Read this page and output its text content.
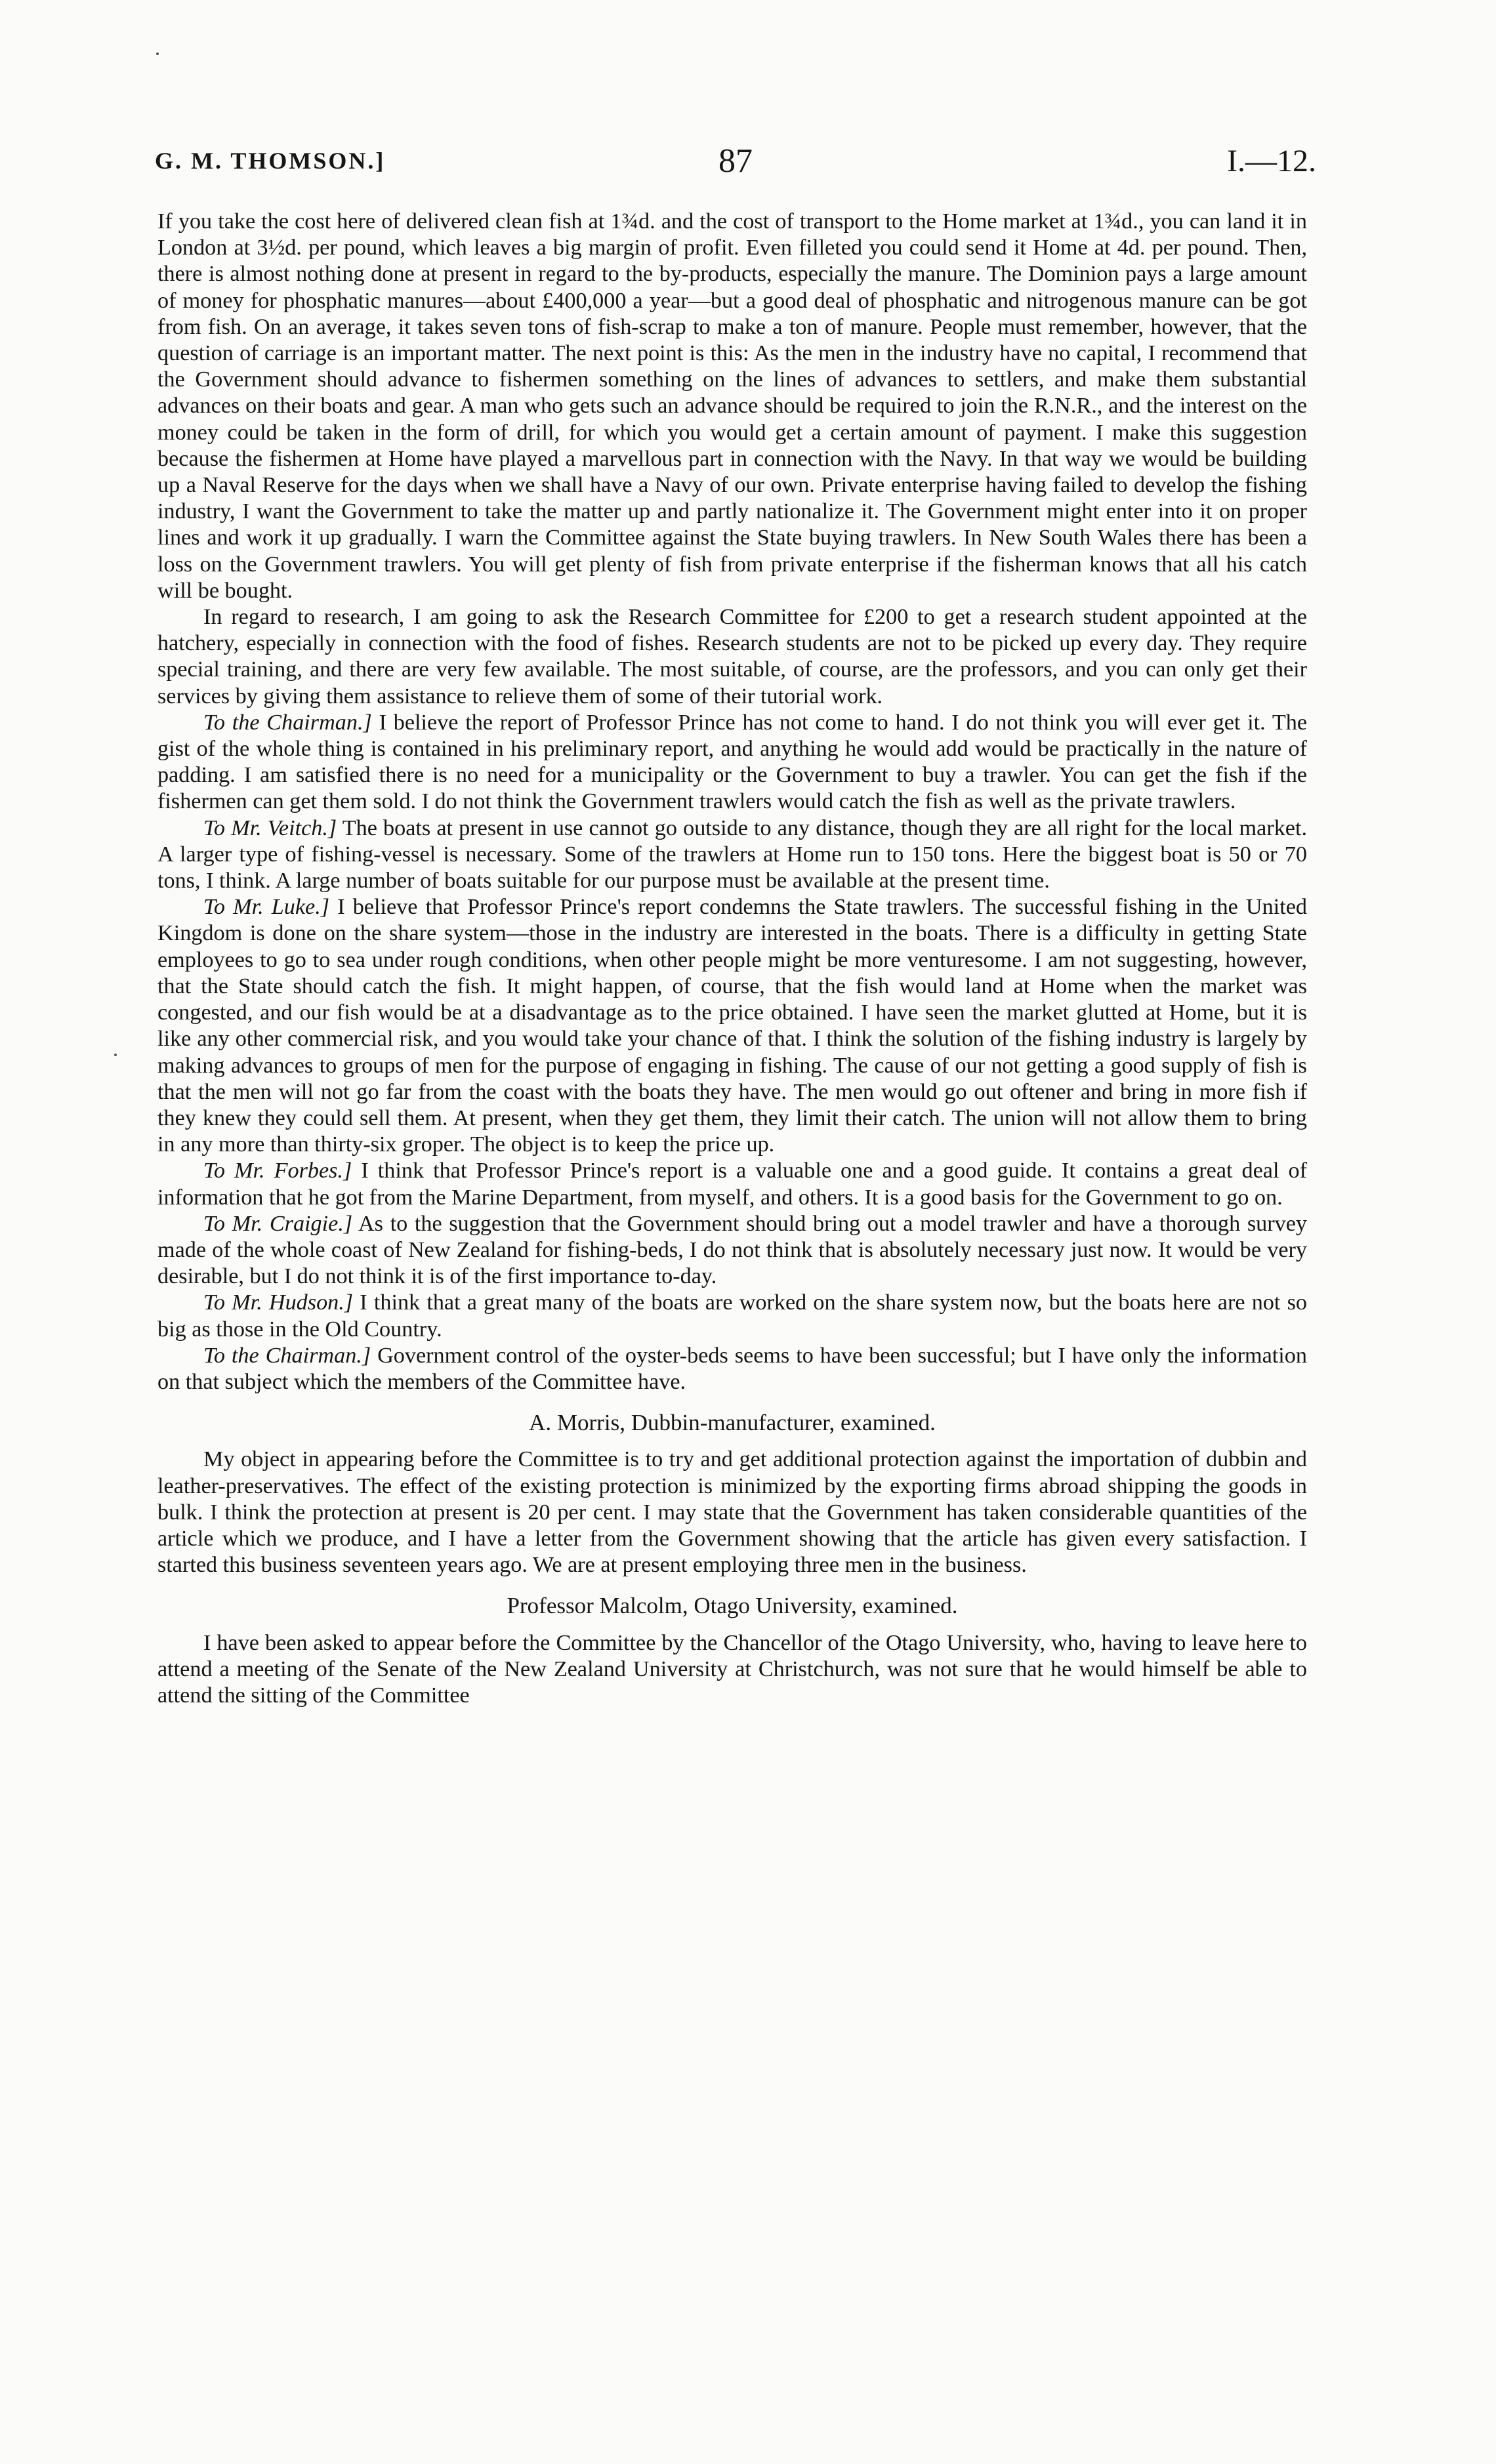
G. M. THOMSON.]	87	I.—12.

If you take the cost here of delivered clean fish at 1¾d. and the cost of transport to the Home market at 1¾d., you can land it in London at 3½d. per pound, which leaves a big margin of profit. Even filleted you could send it Home at 4d. per pound. Then, there is almost nothing done at present in regard to the by-products, especially the manure. The Dominion pays a large amount of money for phosphatic manures—about £400,000 a year—but a good deal of phosphatic and nitrogenous manure can be got from fish. On an average, it takes seven tons of fish-scrap to make a ton of manure. People must remember, however, that the question of carriage is an important matter. The next point is this: As the men in the industry have no capital, I recommend that the Government should advance to fishermen something on the lines of advances to settlers, and make them substantial advances on their boats and gear. A man who gets such an advance should be required to join the R.N.R., and the interest on the money could be taken in the form of drill, for which you would get a certain amount of payment. I make this suggestion because the fishermen at Home have played a marvellous part in connection with the Navy. In that way we would be building up a Naval Reserve for the days when we shall have a Navy of our own. Private enterprise having failed to develop the fishing industry, I want the Government to take the matter up and partly nationalize it. The Government might enter into it on proper lines and work it up gradually. I warn the Committee against the State buying trawlers. In New South Wales there has been a loss on the Government trawlers. You will get plenty of fish from private enterprise if the fisherman knows that all his catch will be bought.

In regard to research, I am going to ask the Research Committee for £200 to get a research student appointed at the hatchery, especially in connection with the food of fishes. Research students are not to be picked up every day. They require special training, and there are very few available. The most suitable, of course, are the professors, and you can only get their services by giving them assistance to relieve them of some of their tutorial work.

To the Chairman.] I believe the report of Professor Prince has not come to hand. I do not think you will ever get it. The gist of the whole thing is contained in his preliminary report, and anything he would add would be practically in the nature of padding. I am satisfied there is no need for a municipality or the Government to buy a trawler. You can get the fish if the fishermen can get them sold. I do not think the Government trawlers would catch the fish as well as the private trawlers.

To Mr. Veitch.] The boats at present in use cannot go outside to any distance, though they are all right for the local market. A larger type of fishing-vessel is necessary. Some of the trawlers at Home run to 150 tons. Here the biggest boat is 50 or 70 tons, I think. A large number of boats suitable for our purpose must be available at the present time.

To Mr. Luke.] I believe that Professor Prince's report condemns the State trawlers. The successful fishing in the United Kingdom is done on the share system—those in the industry are interested in the boats. There is a difficulty in getting State employees to go to sea under rough conditions, when other people might be more venturesome. I am not suggesting, however, that the State should catch the fish. It might happen, of course, that the fish would land at Home when the market was congested, and our fish would be at a disadvantage as to the price obtained. I have seen the market glutted at Home, but it is like any other commercial risk, and you would take your chance of that. I think the solution of the fishing industry is largely by making advances to groups of men for the purpose of engaging in fishing. The cause of our not getting a good supply of fish is that the men will not go far from the coast with the boats they have. The men would go out oftener and bring in more fish if they knew they could sell them. At present, when they get them, they limit their catch. The union will not allow them to bring in any more than thirty-six groper. The object is to keep the price up.

To Mr. Forbes.] I think that Professor Prince's report is a valuable one and a good guide. It contains a great deal of information that he got from the Marine Department, from myself, and others. It is a good basis for the Government to go on.

To Mr. Craigie.] As to the suggestion that the Government should bring out a model trawler and have a thorough survey made of the whole coast of New Zealand for fishing-beds, I do not think that is absolutely necessary just now. It would be very desirable, but I do not think it is of the first importance to-day.

To Mr. Hudson.] I think that a great many of the boats are worked on the share system now, but the boats here are not so big as those in the Old Country.

To the Chairman.] Government control of the oyster-beds seems to have been successful; but I have only the information on that subject which the members of the Committee have.

A. Morris, Dubbin-manufacturer, examined.

My object in appearing before the Committee is to try and get additional protection against the importation of dubbin and leather-preservatives. The effect of the existing protection is minimized by the exporting firms abroad shipping the goods in bulk. I think the protection at present is 20 per cent. I may state that the Government has taken considerable quantities of the article which we produce, and I have a letter from the Government showing that the article has given every satisfaction. I started this business seventeen years ago. We are at present employing three men in the business.

Professor Malcolm, Otago University, examined.

I have been asked to appear before the Committee by the Chancellor of the Otago University, who, having to leave here to attend a meeting of the Senate of the New Zealand University at Christchurch, was not sure that he would himself be able to attend the sitting of the Committee
